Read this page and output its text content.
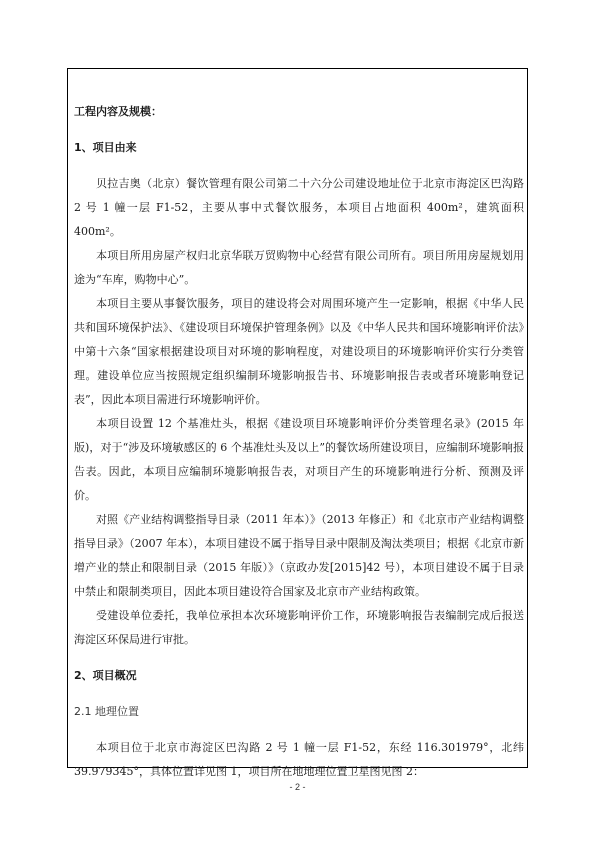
工程内容及规模：

1、项目由来

贝拉吉奥（北京）餐饮管理有限公司第二十六分公司建设地址位于北京市海淀区巴沟路 2 号 1 幢一层 F1-52，主要从事中式餐饮服务，本项目占地面积 400m²，建筑面积 400m²。

本项目所用房屋产权归北京华联万贸购物中心经营有限公司所有。项目所用房屋规划用途为“车库，购物中心”。

本项目主要从事餐饮服务，项目的建设将会对周围环境产生一定影响，根据《中华人民共和国环境保护法》、《建设项目环境保护管理条例》以及《中华人民共和国环境影响评价法》中第十六条“国家根据建设项目对环境的影响程度，对建设项目的环境影响评价实行分类管理。建设单位应当按照规定组织编制环境影响报告书、环境影响报告表或者环境影响登记表”，因此本项目需进行环境影响评价。

本项目设置 12 个基准灶头，根据《建设项目环境影响评价分类管理名录》(2015 年版)，对于“涉及环境敏感区的 6 个基准灶头及以上”的餐饮场所建设项目，应编制环境影响报告表。因此，本项目应编制环境影响报告表，对项目产生的环境影响进行分析、预测及评价。

对照《产业结构调整指导目录（2011 年本）》（2013 年修正）和《北京市产业结构调整指导目录》（2007 年本），本项目建设不属于指导目录中限制及淘汰类项目；根据《北京市新增产业的禁止和限制目录（2015 年版）》（京政办发[2015]42 号），本项目建设不属于目录中禁止和限制类项目，因此本项目建设符合国家及北京市产业结构政策。

受建设单位委托，我单位承担本次环境影响评价工作，环境影响报告表编制完成后报送海淀区环保局进行审批。

2、项目概况

2.1 地理位置

本项目位于北京市海淀区巴沟路 2 号 1 幢一层 F1-52，东经 116.301979°，北纬 39.979345°，具体位置详见图 1，项目所在地地理位置卫星图见图 2：

- 2 -
